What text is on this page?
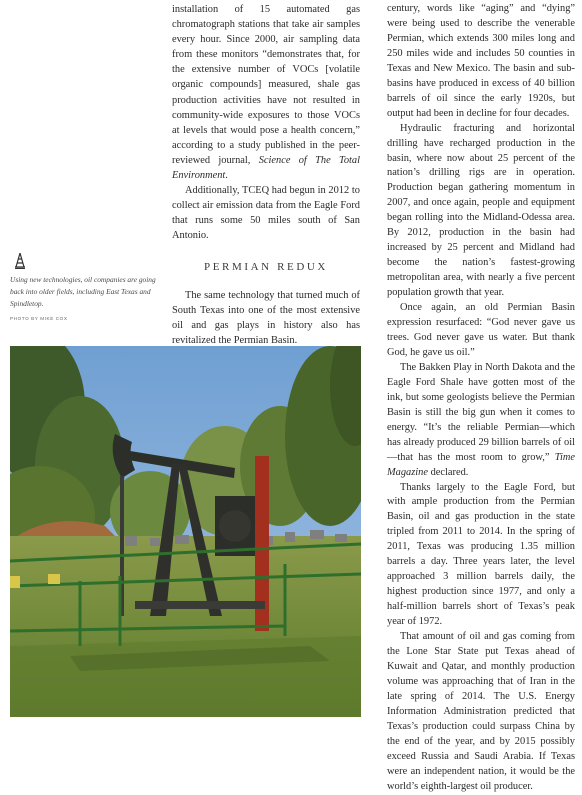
installation of 15 automated gas chromatograph stations that take air samples every hour. Since 2000, air sampling data from these monitors “demonstrates that, for the extensive number of VOCs [volatile organic compounds] measured, shale gas production activities have not resulted in community-wide exposures to those VOCs at levels that would pose a health concern,” according to a study published in the peer-reviewed journal, Science of The Total Environment.

Additionally, TCEQ had begun in 2012 to collect air emission data from the Eagle Ford that runs some 50 miles south of San Antonio.

PERMIAN REDUX

The same technology that turned much of South Texas into one of the most extensive oil and gas plays in history also has revitalized the Permian Basin.

century, words like “aging” and “dying” were being used to describe the venerable Permian, which extends 300 miles long and 250 miles wide and includes 50 counties in Texas and New Mexico. The basin and sub-basins have produced in excess of 40 billion barrels of oil since the early 1920s, but output had been in decline for four decades.

Hydraulic fracturing and horizontal drilling have recharged production in the basin, where now about 25 percent of the nation’s drilling rigs are in operation. Production began gathering momentum in 2007, and once again, people and equipment began rolling into the Midland-Odessa area. By 2012, production in the basin had increased by 25 percent and Midland had become the nation’s fastest-growing metropolitan area, with nearly a five percent population growth that year.

Once again, an old Permian Basin expression resurfaced: “God never gave us trees. God never gave us water. But thank God, he gave us oil.”

The Bakken Play in North Dakota and the Eagle Ford Shale have gotten most of the ink, but some geologists believe the Permian Basin is still the big gun when it comes to energy. “It’s the reliable Permian—which has already produced 29 billion barrels of oil—that has the most room to grow,” Time Magazine declared.

Thanks largely to the Eagle Ford, but with ample production from the Permian Basin, oil and gas production in the state tripled from 2011 to 2014. In the spring of 2011, Texas was producing 1.35 million barrels a day. Three years later, the level approached 3 million barrels daily, the highest production since 1977, and only a half-million barrels short of Texas’s peak year of 1972.

That amount of oil and gas coming from the Lone Star State put Texas ahead of Kuwait and Qatar, and monthly production volume was approaching that of Iran in the late spring of 2014. The U.S. Energy Information Administration predicted that Texas’s production could surpass China by the end of the year, and by 2015 possibly exceed Russia and Saudi Arabia. If Texas were an independent nation, it would be the world’s eighth-largest oil producer.

Using new technologies, oil companies are going back into older fields, including East Texas and Spindletop.

PHOTO BY MIKE COX
